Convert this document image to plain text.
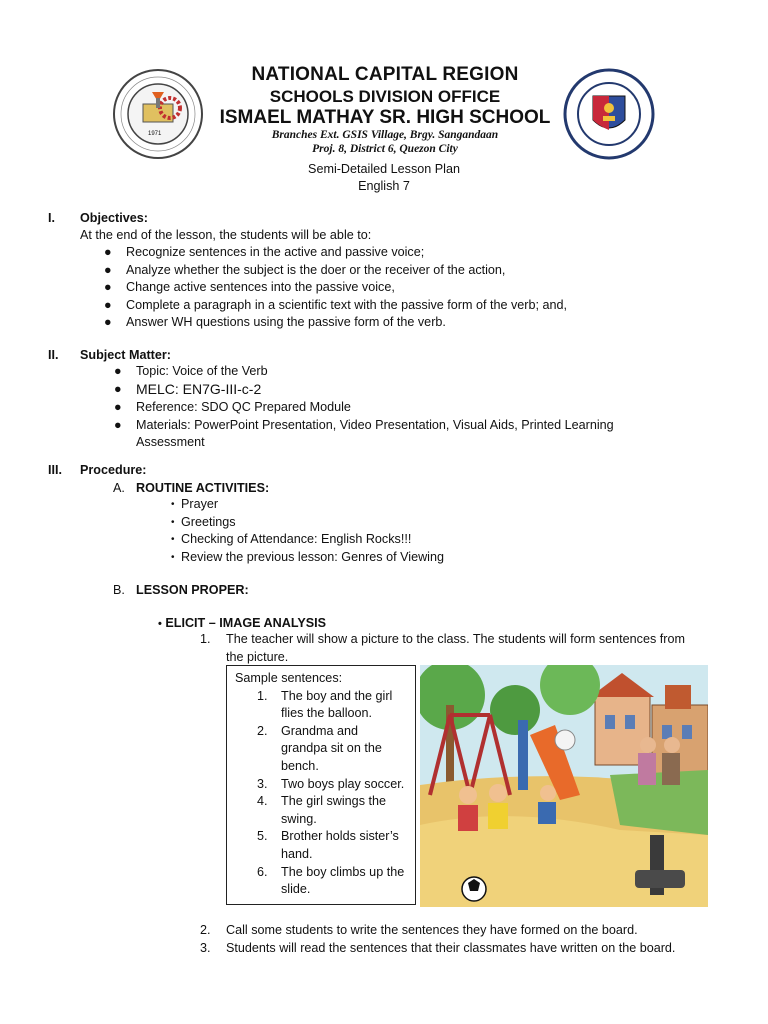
1971
NATIONAL CAPITAL REGION
SCHOOLS DIVISION OFFICE
ISMAEL MATHAY SR. HIGH SCHOOL
Branches Ext. GSIS Village, Brgy. Sangandaan
Proj. 8, District 6, Quezon City
Semi-Detailed Lesson Plan
English 7
I. Objectives:
At the end of the lesson, the students will be able to:
● Recognize sentences in the active and passive voice;
● Analyze whether the subject is the doer or the receiver of the action,
● Change active sentences into the passive voice,
● Complete a paragraph in a scientific text with the passive form of the verb; and,
● Answer WH questions using the passive form of the verb.
II. Subject Matter:
● Topic: Voice of the Verb
● MELC: EN7G-III-c-2
● Reference: SDO QC Prepared Module
● Materials: PowerPoint Presentation, Video Presentation, Visual Aids, Printed Learning Assessment
III. Procedure:
A. ROUTINE ACTIVITIES:
• Prayer
• Greetings
• Checking of Attendance: English Rocks!!!
• Review the previous lesson: Genres of Viewing
B. LESSON PROPER:
• ELICIT – IMAGE ANALYSIS
1. The teacher will show a picture to the class. The students will form sentences from the picture.
Sample sentences:
1. The boy and the girl flies the balloon.
2. Grandma and grandpa sit on the bench.
3. Two boys play soccer.
4. The girl swings the swing.
5. Brother holds sister’s hand.
6. The boy climbs up the slide.
2. Call some students to write the sentences they have formed on the board.
3. Students will read the sentences that their classmates have written on the board.
